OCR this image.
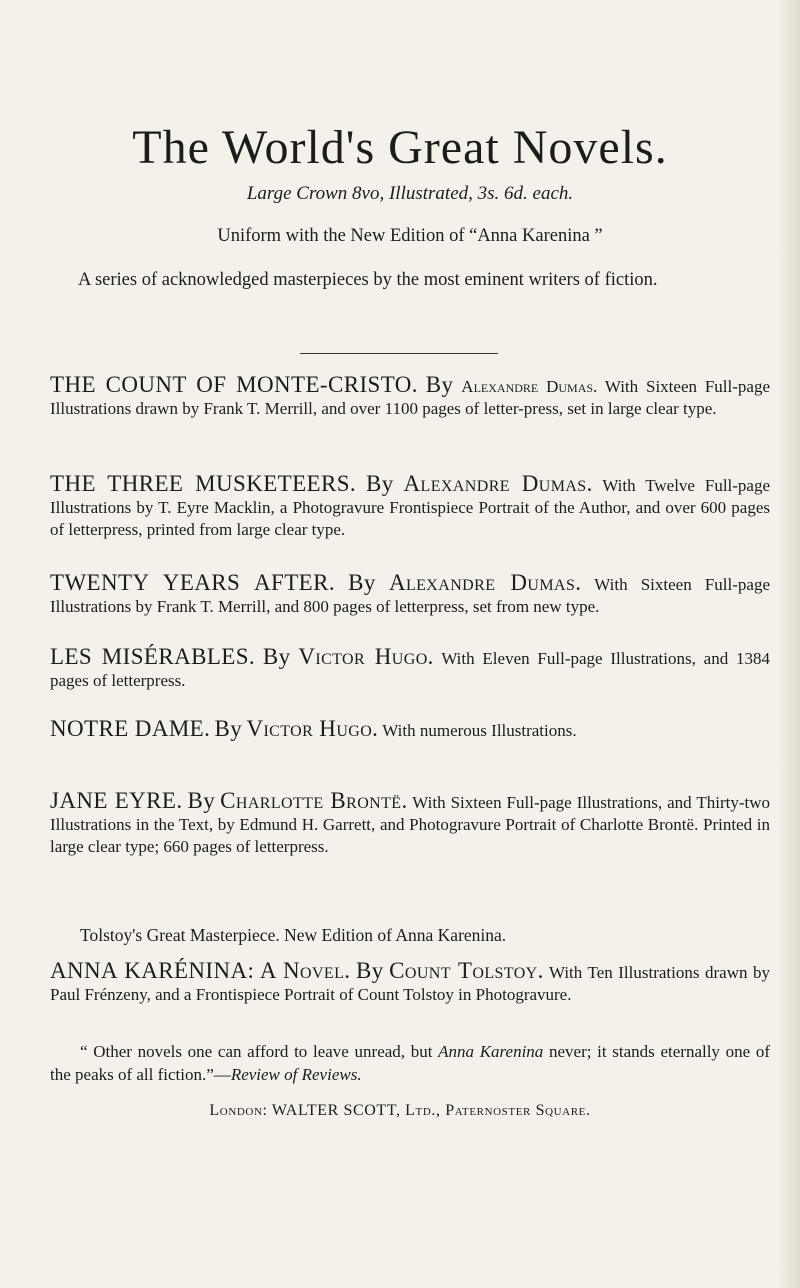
The World's Great Novels.
Large Crown 8vo, Illustrated, 3s. 6d. each.
Uniform with the New Edition of “Anna Karenina ”
A series of acknowledged masterpieces by the most eminent writers of fiction.

THE COUNT OF MONTE-CRISTO. By Alexandre Dumas. With Sixteen Full-page Illustrations drawn by Frank T. Merrill, and over 1100 pages of letter-press, set in large clear type.

THE THREE MUSKETEERS. By Alexandre Dumas. With Twelve Full-page Illustrations by T. Eyre Macklin, a Photogravure Frontispiece Portrait of the Author, and over 600 pages of letterpress, printed from large clear type.

TWENTY YEARS AFTER. By Alexandre Dumas. With Sixteen Full-page Illustrations by Frank T. Merrill, and 800 pages of letterpress, set from new type.

LES MISÉRABLES. By Victor Hugo. With Eleven Full-page Illustrations, and 1384 pages of letterpress.

NOTRE DAME. By Victor Hugo. With numerous Illustrations.

JANE EYRE. By Charlotte Brontë. With Sixteen Full-page Illustrations, and Thirty-two Illustrations in the Text, by Edmund H. Garrett, and Photogravure Portrait of Charlotte Brontë. Printed in large clear type; 660 pages of letterpress.

Tolstoy's Great Masterpiece. New Edition of Anna Karenina.

ANNA KARÉNINA: A Novel. By Count Tolstoy. With Ten Illustrations drawn by Paul Frénzeny, and a Frontispiece Portrait of Count Tolstoy in Photogravure.

“ Other novels one can afford to leave unread, but Anna Karenina never; it stands eternally one of the peaks of all fiction.”—Review of Reviews.
London: WALTER SCOTT, Ltd., Paternoster Square.
